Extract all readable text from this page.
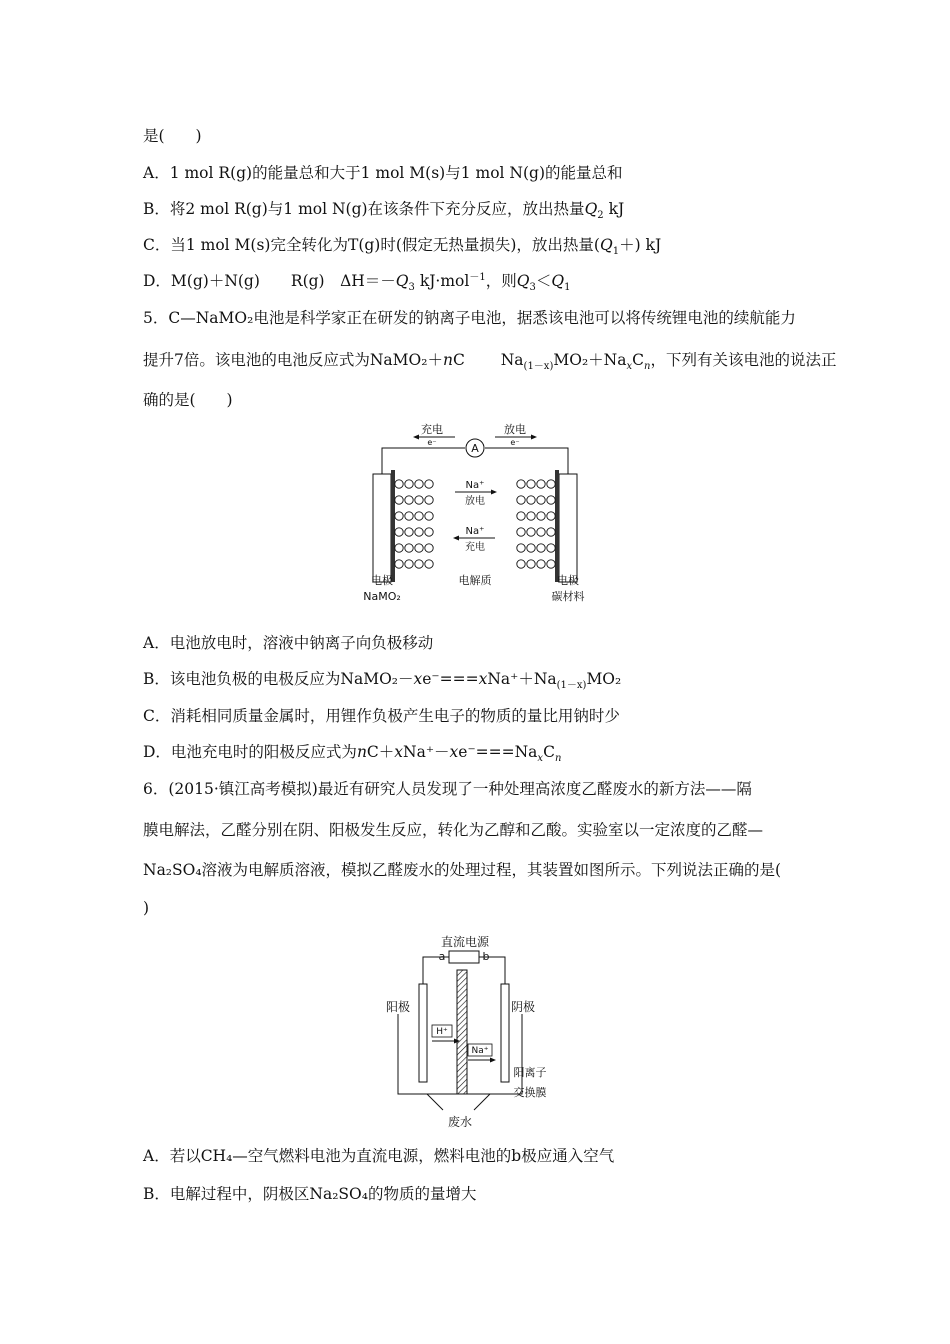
是(　　)
A．1 mol R(g)的能量总和大于1 mol M(s)与1 mol N(g)的能量总和
B．将2 mol R(g)与1 mol N(g)在该条件下充分反应，放出热量$Q_2$ kJ
C．当1 mol M(s)完全转化为T(g)时(假定无热量损失)，放出热量$(Q_1+)$ kJ
D．M(g)＋N(g)　　R(g)　$\Delta H=-Q_3$ kJ·mol$^{-1}$，则$Q_3<Q_1$
5．C—NaMO₂电池是科学家正在研发的钠离子电池，据悉该电池可以将传统锂电池的续航能力
提升7倍。该电池的电池反应式为NaMO₂＋nC　　 $Na_{(1-x)}MO_2+Na_xC_n$，下列有关该电池的说法正
确的是(　　)
A
充电
e⁻
放电
e⁻
Na⁺
放电
Na⁺
充电
电极
NaMO₂
电解质	电极
碳材料
A．电池放电时，溶液中钠离子向负极移动
B．该电池负极的电极反应为$NaMO_2-xe^-===xNa^++Na_{(1-x)}MO_2$
C．消耗相同质量金属时，用锂作负极产生电子的物质的量比用钠时少
D．电池充电时的阳极反应式为$nC+xNa^+-xe^-===Na_xC_n$
6．(2015·镇江高考模拟)最近有研究人员发现了一种处理高浓度乙醛废水的新方法——隔
膜电解法，乙醛分别在阴、阳极发生反应，转化为乙醇和乙酸。实验室以一定浓度的乙醛—
Na₂SO₄溶液为电解质溶液，模拟乙醛废水的处理过程，其装置如图所示。下列说法正确的是(
)
直流电源
a	b
阳极	阴极
H⁺
Na⁺
阳离子
交换膜
废水
A．若以CH₄—空气燃料电池为直流电源，燃料电池的b极应通入空气
B．电解过程中，阴极区Na₂SO₄的物质的量增大
